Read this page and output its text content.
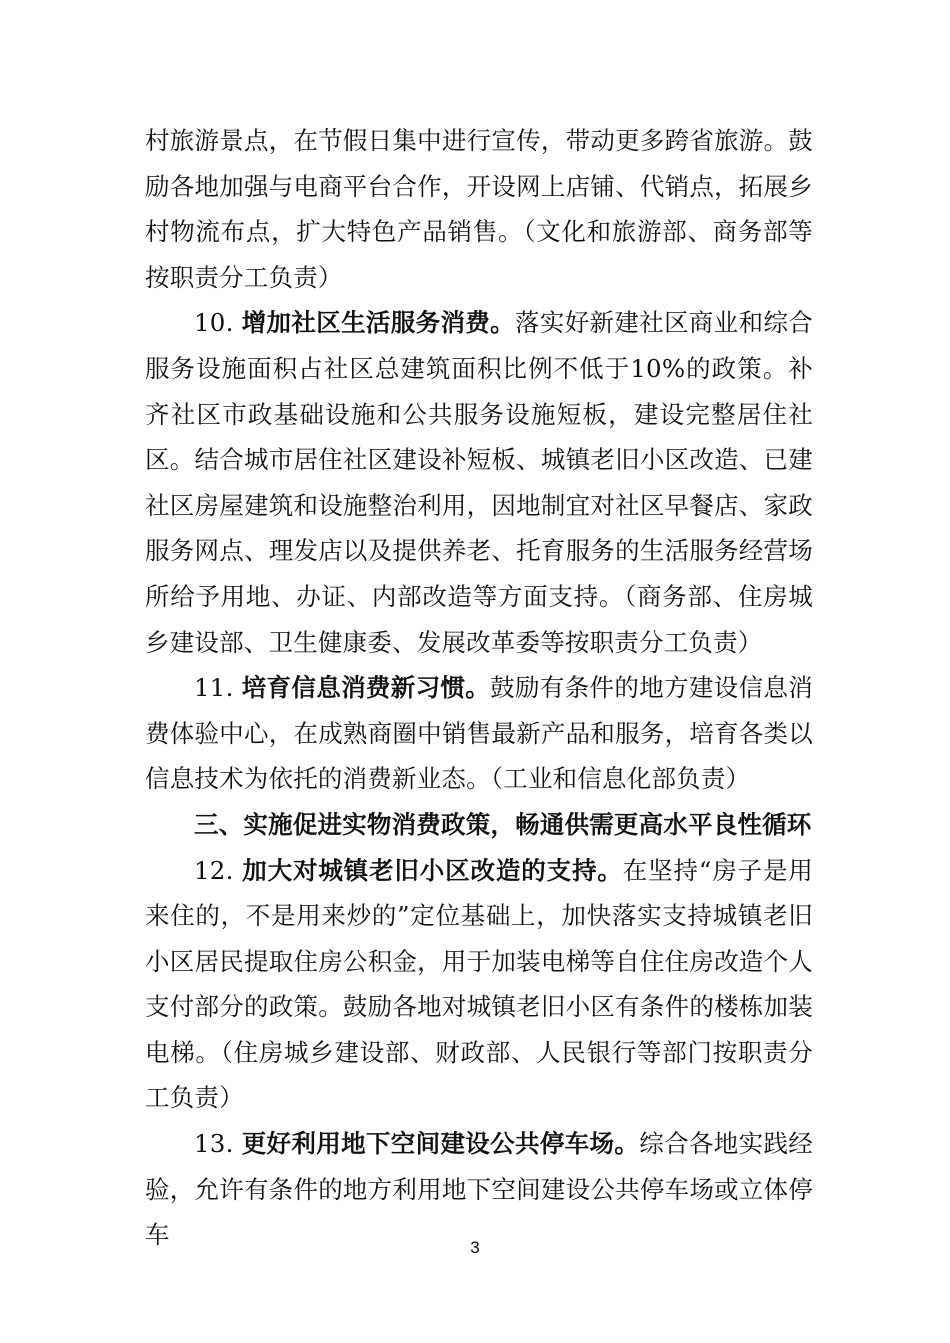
村旅游景点，在节假日集中进行宣传，带动更多跨省旅游。鼓励各地加强与电商平台合作，开设网上店铺、代销点，拓展乡村物流布点，扩大特色产品销售。（文化和旅游部、商务部等按职责分工负责）

10. 增加社区生活服务消费。落实好新建社区商业和综合服务设施面积占社区总建筑面积比例不低于10%的政策。补齐社区市政基础设施和公共服务设施短板，建设完整居住社区。结合城市居住社区建设补短板、城镇老旧小区改造、已建社区房屋建筑和设施整治利用，因地制宜对社区早餐店、家政服务网点、理发店以及提供养老、托育服务的生活服务经营场所给予用地、办证、内部改造等方面支持。（商务部、住房城乡建设部、卫生健康委、发展改革委等按职责分工负责）

11. 培育信息消费新习惯。鼓励有条件的地方建设信息消费体验中心，在成熟商圈中销售最新产品和服务，培育各类以信息技术为依托的消费新业态。（工业和信息化部负责）

三、实施促进实物消费政策，畅通供需更高水平良性循环

12. 加大对城镇老旧小区改造的支持。在坚持“房子是用来住的，不是用来炒的”定位基础上，加快落实支持城镇老旧小区居民提取住房公积金，用于加装电梯等自住住房改造个人支付部分的政策。鼓励各地对城镇老旧小区有条件的楼栋加装电梯。（住房城乡建设部、财政部、人民银行等部门按职责分工负责）

13. 更好利用地下空间建设公共停车场。综合各地实践经验，允许有条件的地方利用地下空间建设公共停车场或立体停车	3
